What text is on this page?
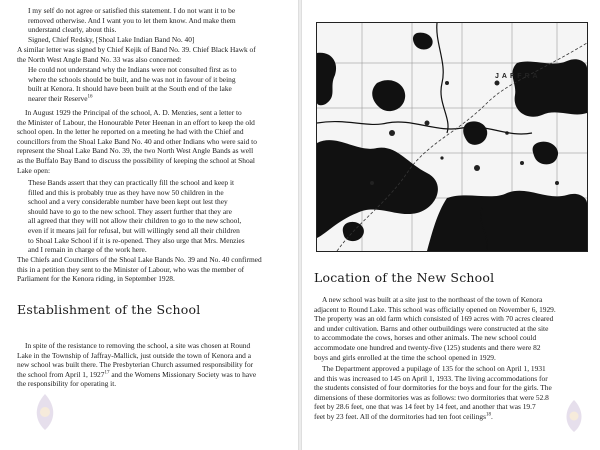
I my self do not agree or satisfied this statement. I do not want it to be

removed otherwise. And I want you to let them know. And make them

understand clearly, about this.

Signed, Chief Redsky, [Shoal Lake Indian Band No. 40]

A similar letter was signed by Chief Kejik of Band No. 39. Chief Black Hawk of

the North West Angle Band No. 33 was also concerned:

He could not understand why the Indians were not consulted first as to

where the schools should be built, and he was not in favour of it being

built at Kenora. It should have been built at the South end of the lake

nearer their Reserve$^{16}$

In August 1929 the Principal of the school, A. D. Menzies, sent a letter to

the Minister of Labour, the Honourable Peter Heenan in an effort to keep the old

school open. In the letter he reported on a meeting he had with the Chief and

councillors from the Shoal Lake Band No. 40 and other Indians who were said to

represent the Shoal Lake Band No. 39, the two North West Angle Bands as well

as the Buffalo Bay Band to discuss the possibility of keeping the school at Shoal

Lake open:

These Bands assert that they can practically fill the school and keep it

filled and this is probably true as they have now 50 children in the

school and a very considerable number have been kept out lest they

should have to go to the new school. They assert further that they are

all agreed that they will not allow their children to go to the new school,

even if it means jail for refusal, but will willingly send all their children

to Shoal Lake School if it is re-opened. They also urge that Mrs. Menzies

and I remain in charge of the work here.

The Chiefs and Councillors of the Shoal Lake Bands No. 39 and No. 40 confirmed

this in a petition they sent to the Minister of Labour, who was the member of

Parliament for the Kenora riding, in September 1928.

Establishment of the School

In spite of the resistance to removing the school, a site was chosen at Round

Lake in the Township of Jaffray-Mallick, just outside the town of Kenora and a

new school was built there. The Presbyterian Church assumed responsibility for

the school from April 1, 1927$^{17}$ and the Womens Missionary Society was to have

the responsibility for operating it.

JAFFRA
Location of the New School

A new school was built at a site just to the northeast of the town of Kenora

adjacent to Round Lake. This school was officially opened on November 6, 1929.

The property was an old farm which consisted of 169 acres with 70 acres cleared

and under cultivation. Barns and other outbuildings were constructed at the site

to accommodate the cows, horses and other animals. The new school could

accommodate one hundred and twenty-five (125) students and there were 82

boys and girls enrolled at the time the school opened in 1929.

The Department approved a pupilage of 135 for the school on April 1, 1931

and this was increased to 145 on April 1, 1933. The living accommodations for

the students consisted of four dormitories for the boys and four for the girls. The

dimensions of these dormitories was as follows: two dormitories that were 52.8

feet by 28.6 feet, one that was 14 feet by 14 feet, and another that was 19.7

feet by 23 feet. All of the dormitories had ten foot ceilings$^{18}$.
